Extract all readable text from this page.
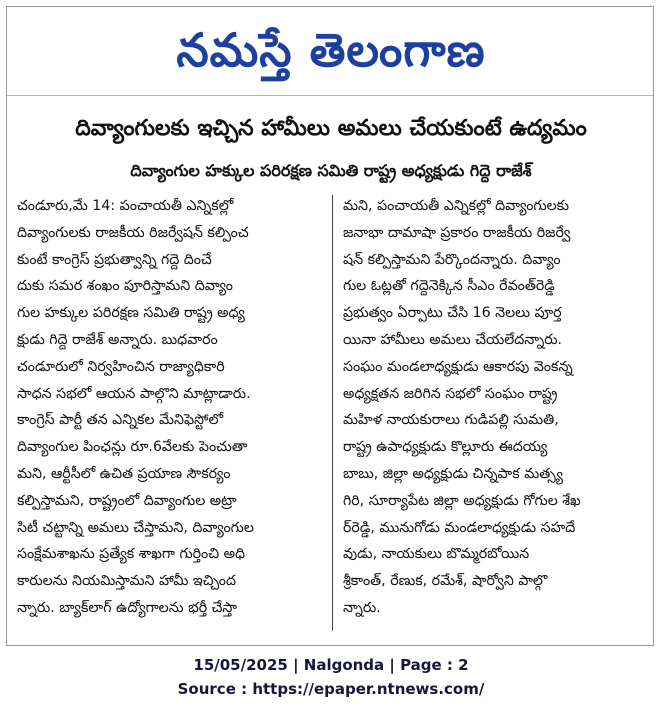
నమస్తే తెలంగాణ
దివ్యాంగులకు ఇచ్చిన హామీలు అమలు చేయకుంటే ఉద్యమం
దివ్యాంగుల హక్కుల పరిరక్షణ సమితి రాష్ట్ర అధ్యక్షుడు గిద్దె రాజేశ్
చండూరు,మే 14: పంచాయతీ ఎన్నికల్లో
దివ్యాంగులకు రాజకీయ రిజర్వేషన్ కల్పించ
కుంటే కాంగ్రెస్ ప్రభుత్వాన్ని గద్దె దించే
దుకు సమర శంఖం పూరిస్తామని దివ్యాం
గుల హక్కుల పరిరక్షణ సమితి రాష్ట్ర అధ్య
క్షుడు గిద్దె రాజేశ్ అన్నారు. బుధవారం
చండూరులో నిర్వహించిన రాజ్యాధికారి
సాధన సభలో ఆయన పాల్గొని మాట్లాడారు.
కాంగ్రెస్ పార్టీ తన ఎన్నికల మేనిఫెస్టోలో
దివ్యాంగుల పింఛన్లు రూ.6వేలకు పెంచుతా
మని, ఆర్టీసీలో ఉచిత ప్రయాణ సౌకర్యం
కల్పిస్తామని, రాష్ట్రంలో దివ్యాంగుల అట్రా
సిటీ చట్టాన్ని అమలు చేస్తామని, దివ్యాంగుల
సంక్షేమశాఖను ప్రత్యేక శాఖగా గుర్తించి అధి
కారులను నియమిస్తామని హామీ ఇచ్చింద
న్నారు. బ్యాక్‌లాగ్ ఉద్యోగాలను భర్తీ చేస్తా
మని, పంచాయతీ ఎన్నికల్లో దివ్యాంగులకు
జనాభా దామాషా ప్రకారం రాజకీయ రిజర్వే
షన్ కల్పిస్తామని పేర్కొందన్నారు. దివ్యాం
గుల ఓట్లతో గద్దెనెక్కిన సీఎం రేవంత్‌రెడ్డి
ప్రభుత్వం ఏర్పాటు చేసి 16 నెలలు పూర్త
యినా హామీలు అమలు చేయలేదన్నారు.
సంఘం మండలాధ్యక్షుడు ఆకారపు వెంకన్న
అధ్యక్షతన జరిగిన సభలో సంఘం రాష్ట్ర
మహిళ నాయకురాలు గుడిపల్లి సుమతి,
రాష్ట్ర ఉపాధ్యక్షుడు కొల్లూరు ఈదయ్య
బాబు, జిల్లా అధ్యక్షుడు చిన్నపాక మత్స్య
గిరి, సూర్యాపేట జిల్లా అధ్యక్షుడు గోగుల శేఖ
ర్‌రెడ్డి, మునుగోడు మండలాధ్యక్షుడు సహదే
వుడు, నాయకులు బొమ్మరబోయిన
శ్రీకాంత్, రేణుక, రమేశ్, షార్వోని పాల్గొ
న్నారు.
15/05/2025 | Nalgonda | Page : 2
Source : https://epaper.ntnews.com/
